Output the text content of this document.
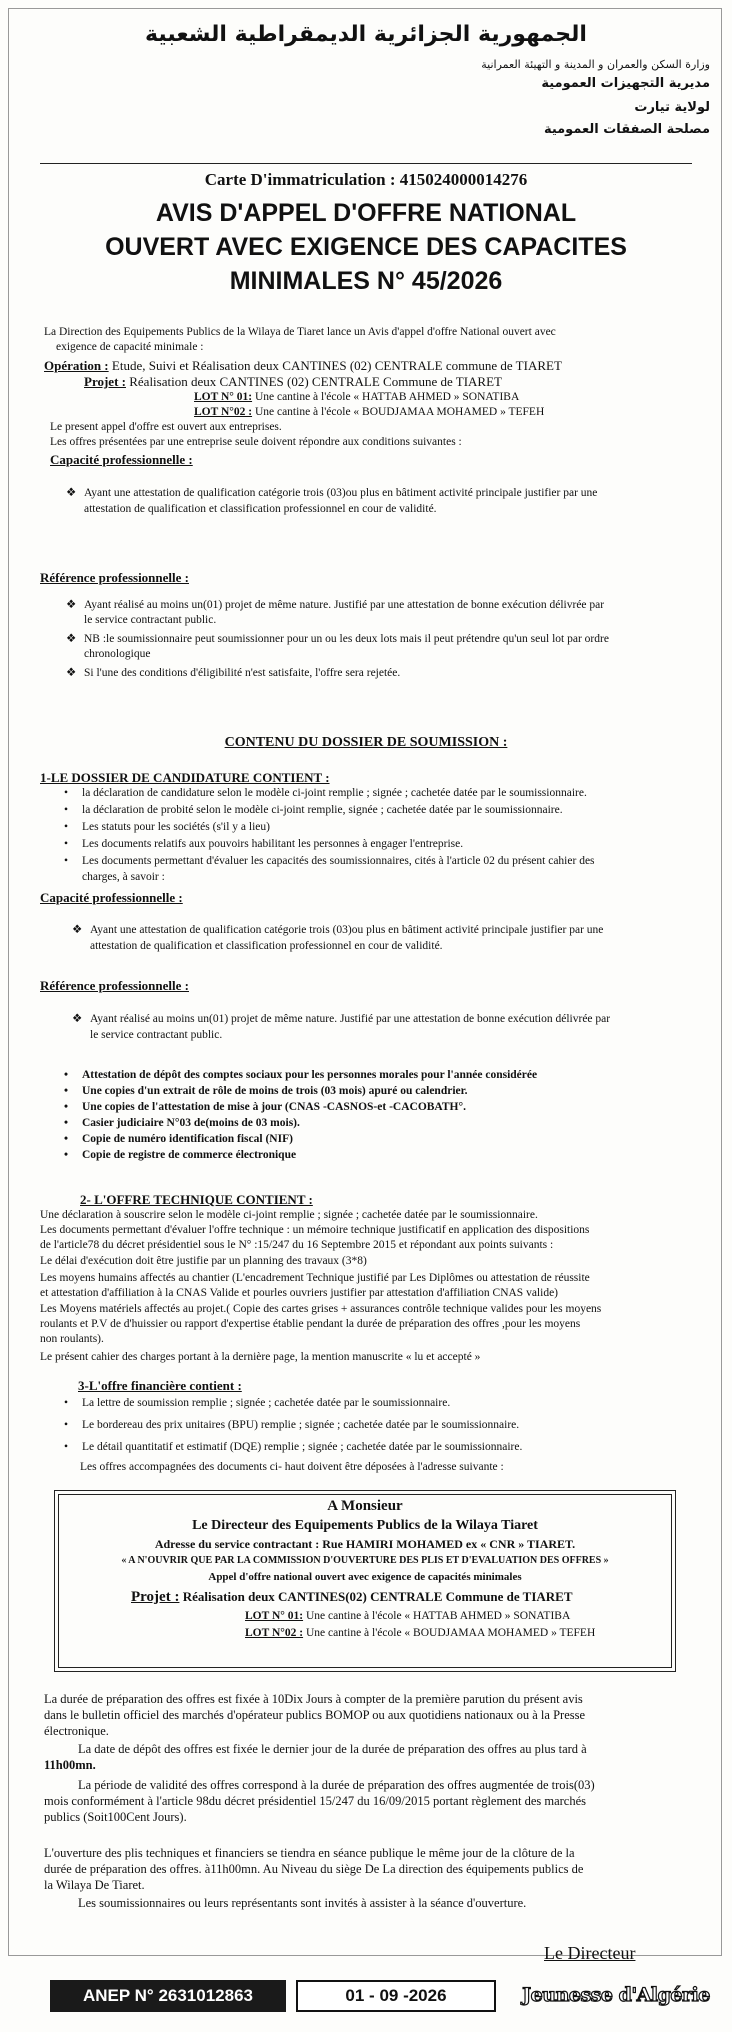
الجمهورية الجزائرية الديمقراطية الشعبية
وزارة السكن والعمران و المدينة و التهيئة العمرانية
مديرية التجهيزات العمومية
لولاية تيارت
مصلحة الصفقات العمومية
Carte D'immatriculation : 415024000014276
AVIS D'APPEL D'OFFRE NATIONAL
OUVERT AVEC EXIGENCE DES CAPACITES
MINIMALES N° 45/2026
La Direction des Equipements Publics de la Wilaya de Tiaret lance un Avis d'appel d'offre National ouvert avec
exigence de capacité minimale :
Opération : Etude, Suivi et Réalisation deux CANTINES (02) CENTRALE commune de TIARET
Projet : Réalisation deux CANTINES (02) CENTRALE Commune de TIARET
LOT N° 01: Une cantine à l'école « HATTAB AHMED » SONATIBA
LOT N°02 : Une cantine à l'école « BOUDJAMAA MOHAMED » TEFEH
Le present appel d'offre est ouvert aux entreprises.
Les offres présentées par une entreprise seule doivent répondre aux conditions suivantes :
Capacité professionnelle :
❖ Ayant une attestation de qualification catégorie trois (03)ou plus en bâtiment activité principale justifier par une
attestation de qualification et classification professionnel en cour de validité.
Référence professionnelle :
❖ Ayant réalisé au moins un(01) projet de même nature. Justifié par une attestation de bonne exécution délivrée par
le service contractant public.
❖ NB :le soumissionnaire peut soumissionner pour un ou les deux lots mais il peut prétendre qu'un seul lot par ordre
chronologique
❖ Si l'une des conditions d'éligibilité n'est satisfaite, l'offre sera rejetée.
CONTENU DU DOSSIER DE SOUMISSION :
1-LE DOSSIER DE CANDIDATURE CONTIENT :
• la déclaration de candidature selon le modèle ci-joint remplie ; signée ; cachetée datée par le soumissionnaire.
• la déclaration de probité selon le modèle ci-joint remplie, signée ; cachetée datée par le soumissionnaire.
• Les statuts pour les sociétés (s'il y a lieu)
• Les documents relatifs aux pouvoirs habilitant les personnes à engager l'entreprise.
• Les documents permettant d'évaluer les capacités des soumissionnaires, cités à l'article 02 du présent cahier des
charges, à savoir :
Capacité professionnelle :
❖ Ayant une attestation de qualification catégorie trois (03)ou plus en bâtiment activité principale justifier par une
attestation de qualification et classification professionnel en cour de validité.
Référence professionnelle :
❖ Ayant réalisé au moins un(01) projet de même nature. Justifié par une attestation de bonne exécution délivrée par
le service contractant public.
• Attestation de dépôt des comptes sociaux pour les personnes morales pour l'année considérée
• Une copies d'un extrait de rôle de moins de trois (03 mois) apuré ou calendrier.
• Une copies de l'attestation de mise à jour (CNAS -CASNOS-et -CACOBATH°.
• Casier judiciaire N°03 de(moins de 03 mois).
• Copie de numéro identification fiscal (NIF)
• Copie de registre de commerce électronique
2- L'OFFRE TECHNIQUE CONTIENT :
Une déclaration à souscrire selon le modèle ci-joint remplie ; signée ; cachetée datée par le soumissionnaire.
Les documents permettant d'évaluer l'offre technique : un mémoire technique justificatif en application des dispositions
de l'article78 du décret présidentiel sous le N° :15/247 du 16 Septembre 2015 et répondant aux points suivants :
Le délai d'exécution doit être justifie par un planning des travaux (3*8)
Les moyens humains affectés au chantier (L'encadrement Technique justifié par Les Diplômes ou attestation de réussite
et attestation d'affiliation à la CNAS Valide et pourles ouvriers justifier par attestation d'affiliation CNAS valide)
Les Moyens matériels affectés au projet.( Copie des cartes grises + assurances contrôle technique valides pour les moyens
roulants et P.V de d'huissier ou rapport d'expertise établie pendant la durée de préparation des offres ,pour les moyens
non roulants).
Le présent cahier des charges portant à la dernière page, la mention manuscrite « lu et accepté »
3-L'offre financière contient :
• La lettre de soumission remplie ; signée ; cachetée datée par le soumissionnaire.
• Le bordereau des prix unitaires (BPU) remplie ; signée ; cachetée datée par le soumissionnaire.
• Le détail quantitatif et estimatif (DQE) remplie ; signée ; cachetée datée par le soumissionnaire.
Les offres accompagnées des documents ci- haut doivent être déposées à l'adresse suivante :
A Monsieur
Le Directeur des Equipements Publics de la Wilaya Tiaret
Adresse du service contractant : Rue HAMIRI MOHAMED ex « CNR » TIARET.
« A N'OUVRIR QUE PAR LA COMMISSION D'OUVERTURE DES PLIS ET D'EVALUATION DES OFFRES »
Appel d'offre national ouvert avec exigence de capacités minimales
Projet : Réalisation deux CANTINES(02) CENTRALE Commune de TIARET
LOT N° 01: Une cantine à l'école « HATTAB AHMED » SONATIBA
LOT N°02 : Une cantine à l'école « BOUDJAMAA MOHAMED » TEFEH
La durée de préparation des offres est fixée à 10Dix Jours à compter de la première parution du présent avis
dans le bulletin officiel des marchés d'opérateur publics BOMOP ou aux quotidiens nationaux ou à la Presse
électronique.
La date de dépôt des offres est fixée le dernier jour de la durée de préparation des offres au plus tard à
11h00mn.
La période de validité des offres correspond à la durée de préparation des offres augmentée de trois(03)
mois conformément à l'article 98du décret présidentiel 15/247 du 16/09/2015 portant règlement des marchés
publics (Soit100Cent Jours).
L'ouverture des plis techniques et financiers se tiendra en séance publique le même jour de la clôture de la
durée de préparation des offres. à11h00mn. Au Niveau du siège De La direction des équipements publics de
la Wilaya De Tiaret.
Les soumissionnaires ou leurs représentants sont invités à assister à la séance d'ouverture.
Le Directeur
ANEP N° 2631012863	01 - 09 -2026	Jeunesse d'Algérie
